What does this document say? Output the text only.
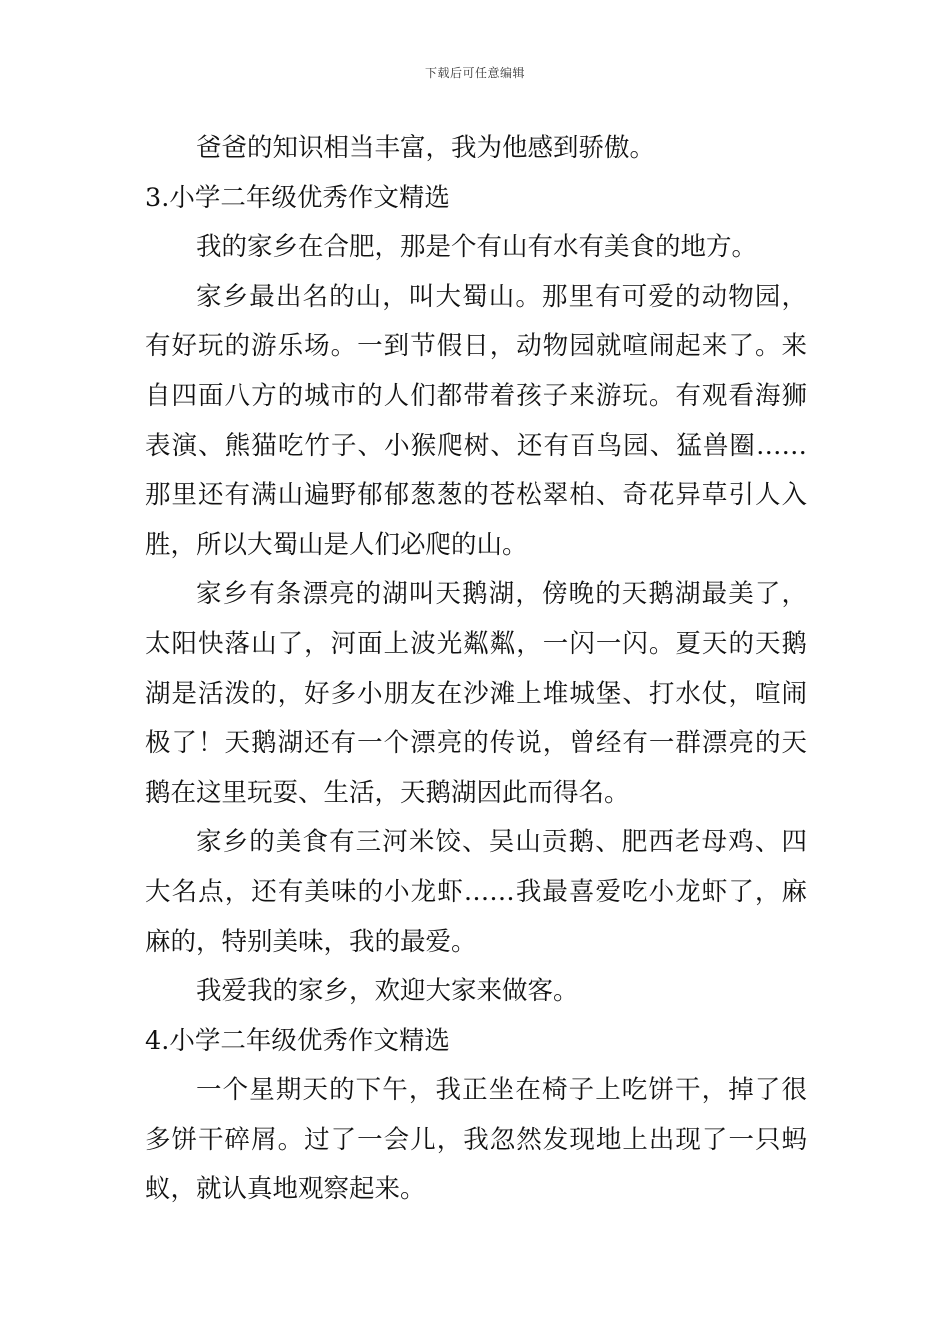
下载后可任意编辑

爸爸的知识相当丰富，我为他感到骄傲。

3.小学二年级优秀作文精选

我的家乡在合肥，那是个有山有水有美食的地方。

家乡最出名的山，叫大蜀山。那里有可爱的动物园，有好玩的游乐场。一到节假日，动物园就喧闹起来了。来自四面八方的城市的人们都带着孩子来游玩。有观看海狮表演、熊猫吃竹子、小猴爬树、还有百鸟园、猛兽圈……那里还有满山遍野郁郁葱葱的苍松翠柏、奇花异草引人入胜，所以大蜀山是人们必爬的山。

家乡有条漂亮的湖叫天鹅湖，傍晚的天鹅湖最美了，太阳快落山了，河面上波光粼粼，一闪一闪。夏天的天鹅湖是活泼的，好多小朋友在沙滩上堆城堡、打水仗，喧闹极了！天鹅湖还有一个漂亮的传说，曾经有一群漂亮的天鹅在这里玩耍、生活，天鹅湖因此而得名。

家乡的美食有三河米饺、吴山贡鹅、肥西老母鸡、四大名点，还有美味的小龙虾……我最喜爱吃小龙虾了，麻麻的，特别美味，我的最爱。

我爱我的家乡，欢迎大家来做客。

4.小学二年级优秀作文精选

一个星期天的下午，我正坐在椅子上吃饼干，掉了很多饼干碎屑。过了一会儿，我忽然发现地上出现了一只蚂蚁，就认真地观察起来。
